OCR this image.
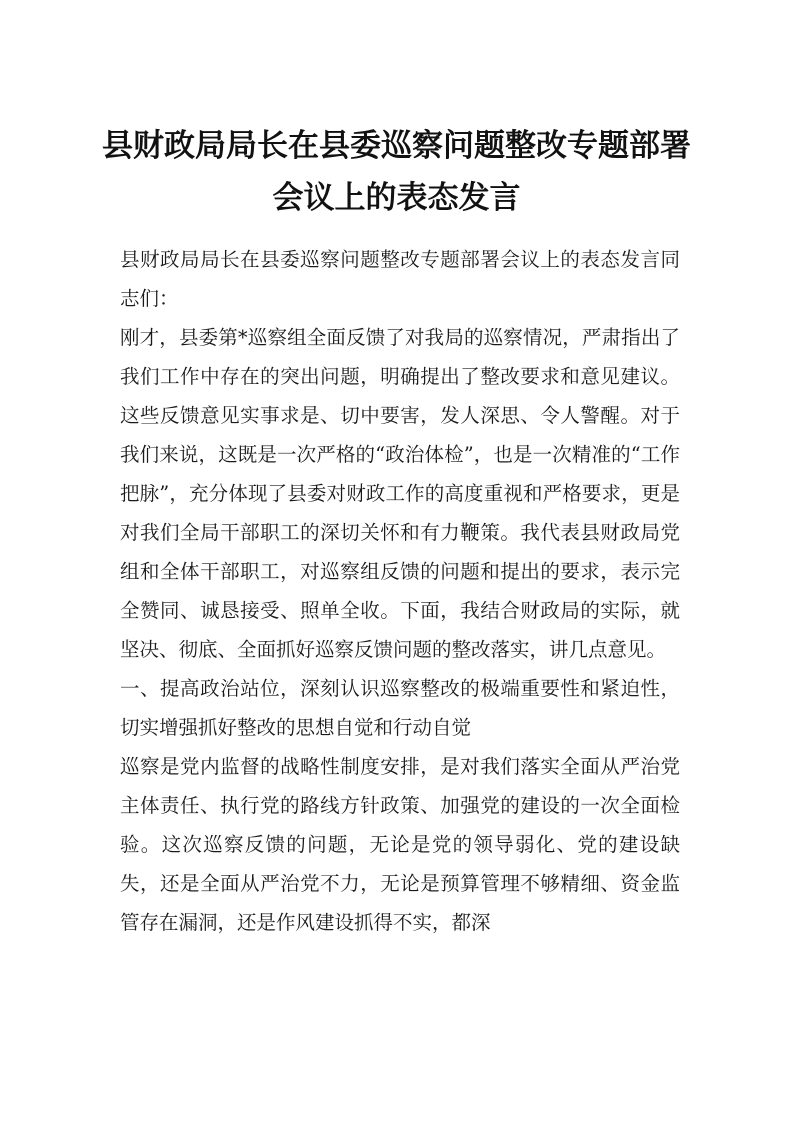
县财政局局长在县委巡察问题整改专题部署会议上的表态发言

县财政局局长在县委巡察问题整改专题部署会议上的表态发言同志们：

刚才，县委第*巡察组全面反馈了对我局的巡察情况，严肃指出了我们工作中存在的突出问题，明确提出了整改要求和意见建议。这些反馈意见实事求是、切中要害，发人深思、令人警醒。对于我们来说，这既是一次严格的“政治体检”，也是一次精准的“工作把脉”，充分体现了县委对财政工作的高度重视和严格要求，更是对我们全局干部职工的深切关怀和有力鞭策。我代表县财政局党组和全体干部职工，对巡察组反馈的问题和提出的要求，表示完全赞同、诚恳接受、照单全收。下面，我结合财政局的实际，就坚决、彻底、全面抓好巡察反馈问题的整改落实，讲几点意见。

一、提高政治站位，深刻认识巡察整改的极端重要性和紧迫性，切实增强抓好整改的思想自觉和行动自觉

巡察是党内监督的战略性制度安排，是对我们落实全面从严治党主体责任、执行党的路线方针政策、加强党的建设的一次全面检验。这次巡察反馈的问题，无论是党的领导弱化、党的建设缺失，还是全面从严治党不力，无论是预算管理不够精细、资金监管存在漏洞，还是作风建设抓得不实，都深
